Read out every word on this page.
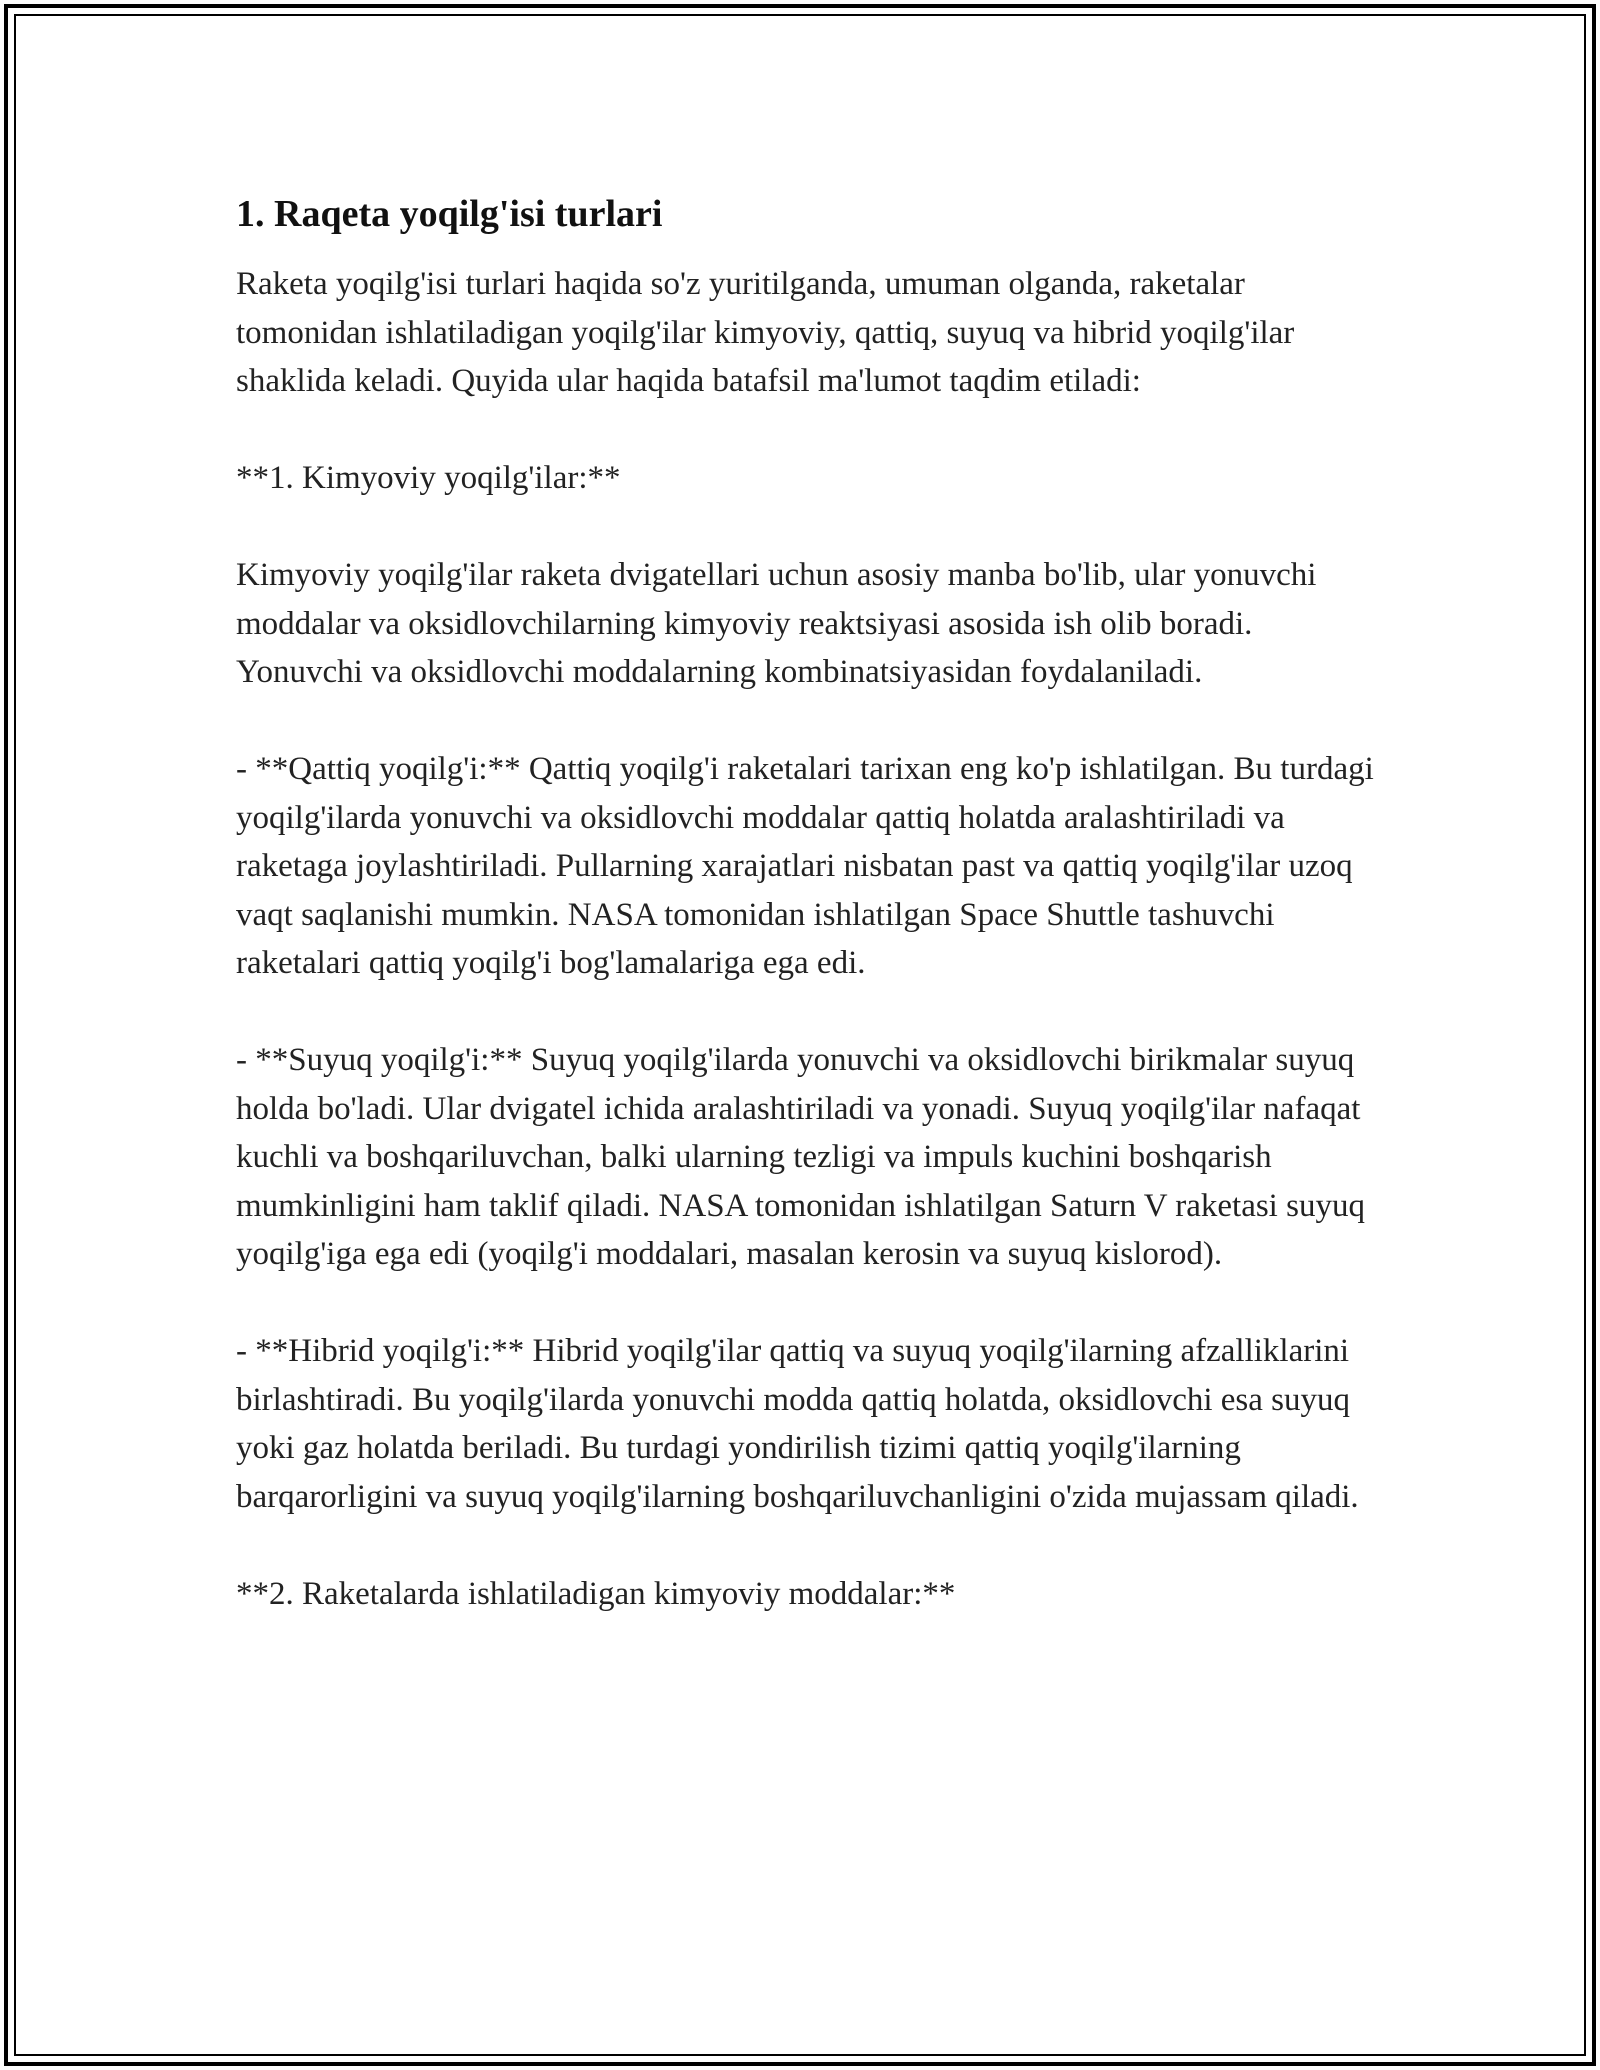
1. Raqeta yoqilg'isi turlari

Raketa yoqilg'isi turlari haqida so'z yuritilganda, umuman olganda, raketalar tomonidan ishlatiladigan yoqilg'ilar kimyoviy, qattiq, suyuq va hibrid yoqilg'ilar shaklida keladi. Quyida ular haqida batafsil ma'lumot taqdim etiladi:

**1. Kimyoviy yoqilg'ilar:**

Kimyoviy yoqilg'ilar raketa dvigatellari uchun asosiy manba bo'lib, ular yonuvchi moddalar va oksidlovchilarning kimyoviy reaktsiyasi asosida ish olib boradi. Yonuvchi va oksidlovchi moddalarning kombinatsiyasidan foydalaniladi.

- **Qattiq yoqilg'i:** Qattiq yoqilg'i raketalari tarixan eng ko'p ishlatilgan. Bu turdagi yoqilg'ilarda yonuvchi va oksidlovchi moddalar qattiq holatda aralashtiriladi va raketaga joylashtiriladi. Pullarning xarajatlari nisbatan past va qattiq yoqilg'ilar uzoq vaqt saqlanishi mumkin. NASA tomonidan ishlatilgan Space Shuttle tashuvchi raketalari qattiq yoqilg'i bog'lamalariga ega edi.

- **Suyuq yoqilg'i:** Suyuq yoqilg'ilarda yonuvchi va oksidlovchi birikmalar suyuq holda bo'ladi. Ular dvigatel ichida aralashtiriladi va yonadi. Suyuq yoqilg'ilar nafaqat kuchli va boshqariluvchan, balki ularning tezligi va impuls kuchini boshqarish mumkinligini ham taklif qiladi. NASA tomonidan ishlatilgan Saturn V raketasi suyuq yoqilg'iga ega edi (yoqilg'i moddalari, masalan kerosin va suyuq kislorod).

- **Hibrid yoqilg'i:** Hibrid yoqilg'ilar qattiq va suyuq yoqilg'ilarning afzalliklarini birlashtiradi. Bu yoqilg'ilarda yonuvchi modda qattiq holatda, oksidlovchi esa suyuq yoki gaz holatda beriladi. Bu turdagi yondirilish tizimi qattiq yoqilg'ilarning barqarorligini va suyuq yoqilg'ilarning boshqariluvchanligini o'zida mujassam qiladi.

**2. Raketalarda ishlatiladigan kimyoviy moddalar:**
